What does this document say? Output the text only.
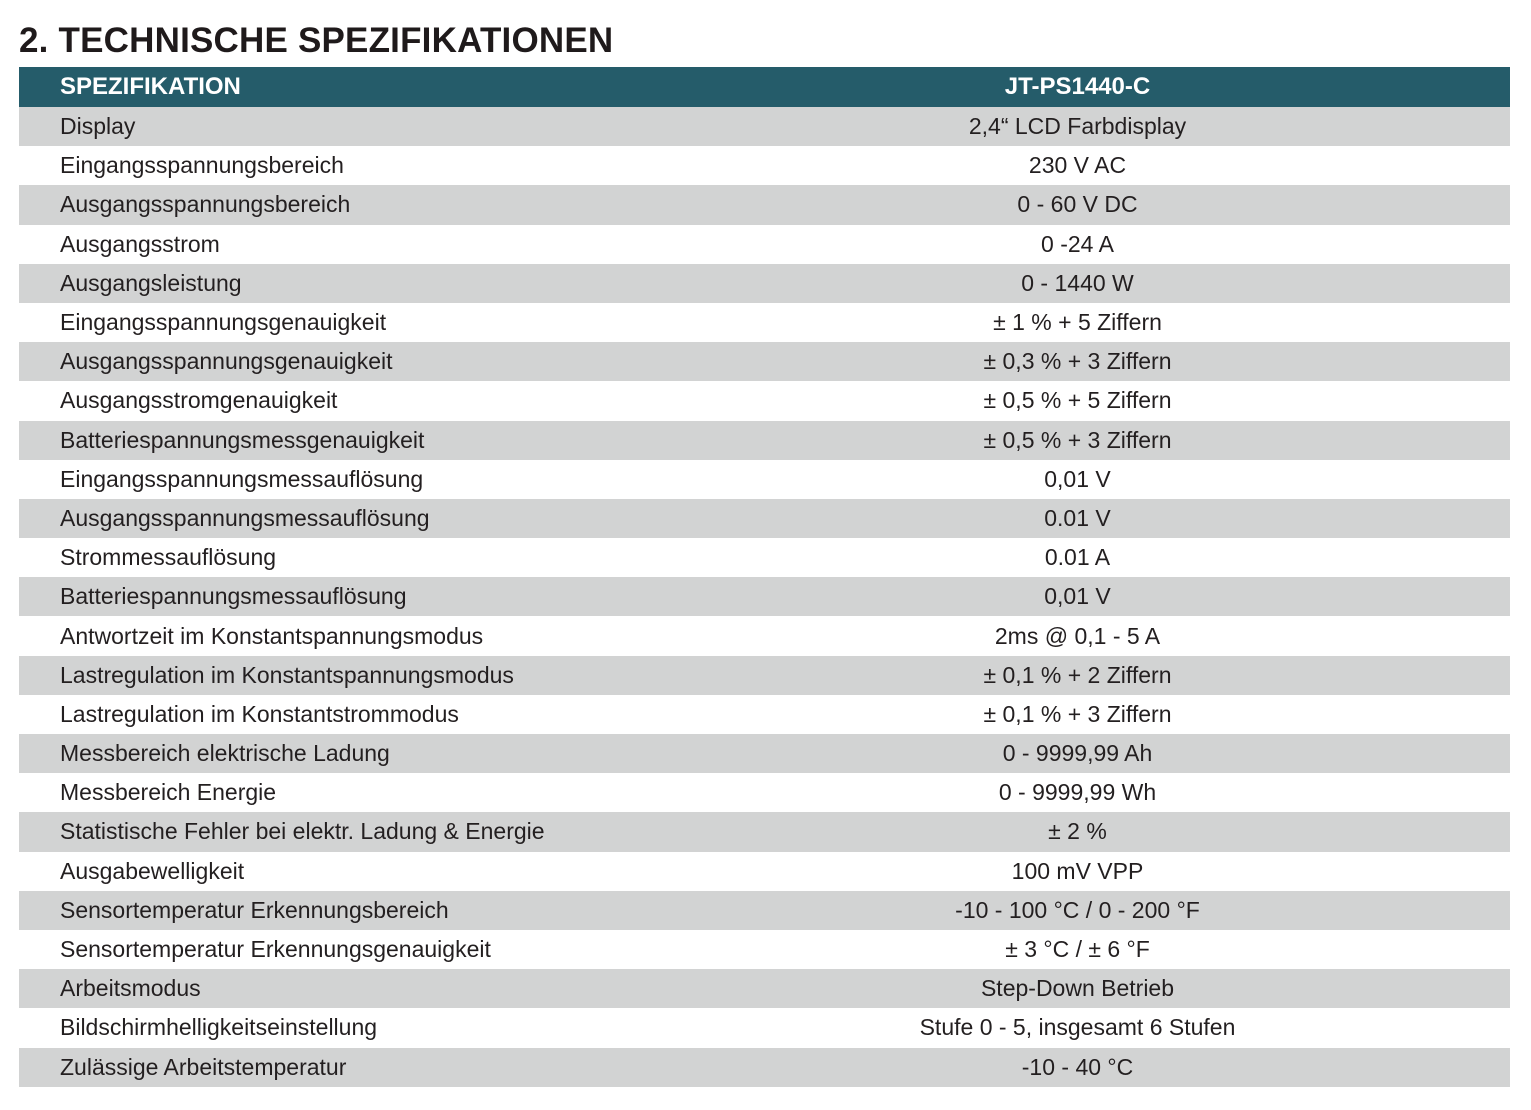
2. TECHNISCHE SPEZIFIKATIONEN
SPEZIFIKATION	JT-PS1440-C
Display	2,4“ LCD Farbdisplay
Eingangsspannungsbereich	230 V AC
Ausgangsspannungsbereich	0 - 60 V DC
Ausgangsstrom	0 -24 A
Ausgangsleistung	0 - 1440 W
Eingangsspannungsgenauigkeit	± 1 % + 5 Ziffern
Ausgangsspannungsgenauigkeit	± 0,3 % + 3 Ziffern
Ausgangsstromgenauigkeit	± 0,5 % + 5 Ziffern
Batteriespannungsmessgenauigkeit	± 0,5 % + 3 Ziffern
Eingangsspannungsmessauflösung	0,01 V
Ausgangsspannungsmessauflösung	0.01 V
Strommessauflösung	0.01 A
Batteriespannungsmessauflösung	0,01 V
Antwortzeit im Konstantspannungsmodus	2ms @ 0,1 - 5 A
Lastregulation im Konstantspannungsmodus	± 0,1 % + 2 Ziffern
Lastregulation im Konstantstrommodus	± 0,1 % + 3 Ziffern
Messbereich elektrische Ladung	0 - 9999,99 Ah
Messbereich Energie	0 - 9999,99 Wh
Statistische Fehler bei elektr. Ladung & Energie	± 2 %
Ausgabewelligkeit	100 mV VPP
Sensortemperatur Erkennungsbereich	-10 - 100 °C / 0 - 200 °F
Sensortemperatur Erkennungsgenauigkeit	± 3 °C / ± 6 °F
Arbeitsmodus	Step-Down Betrieb
Bildschirmhelligkeitseinstellung	Stufe 0 - 5, insgesamt 6 Stufen
Zulässige Arbeitstemperatur	-10 - 40 °C
